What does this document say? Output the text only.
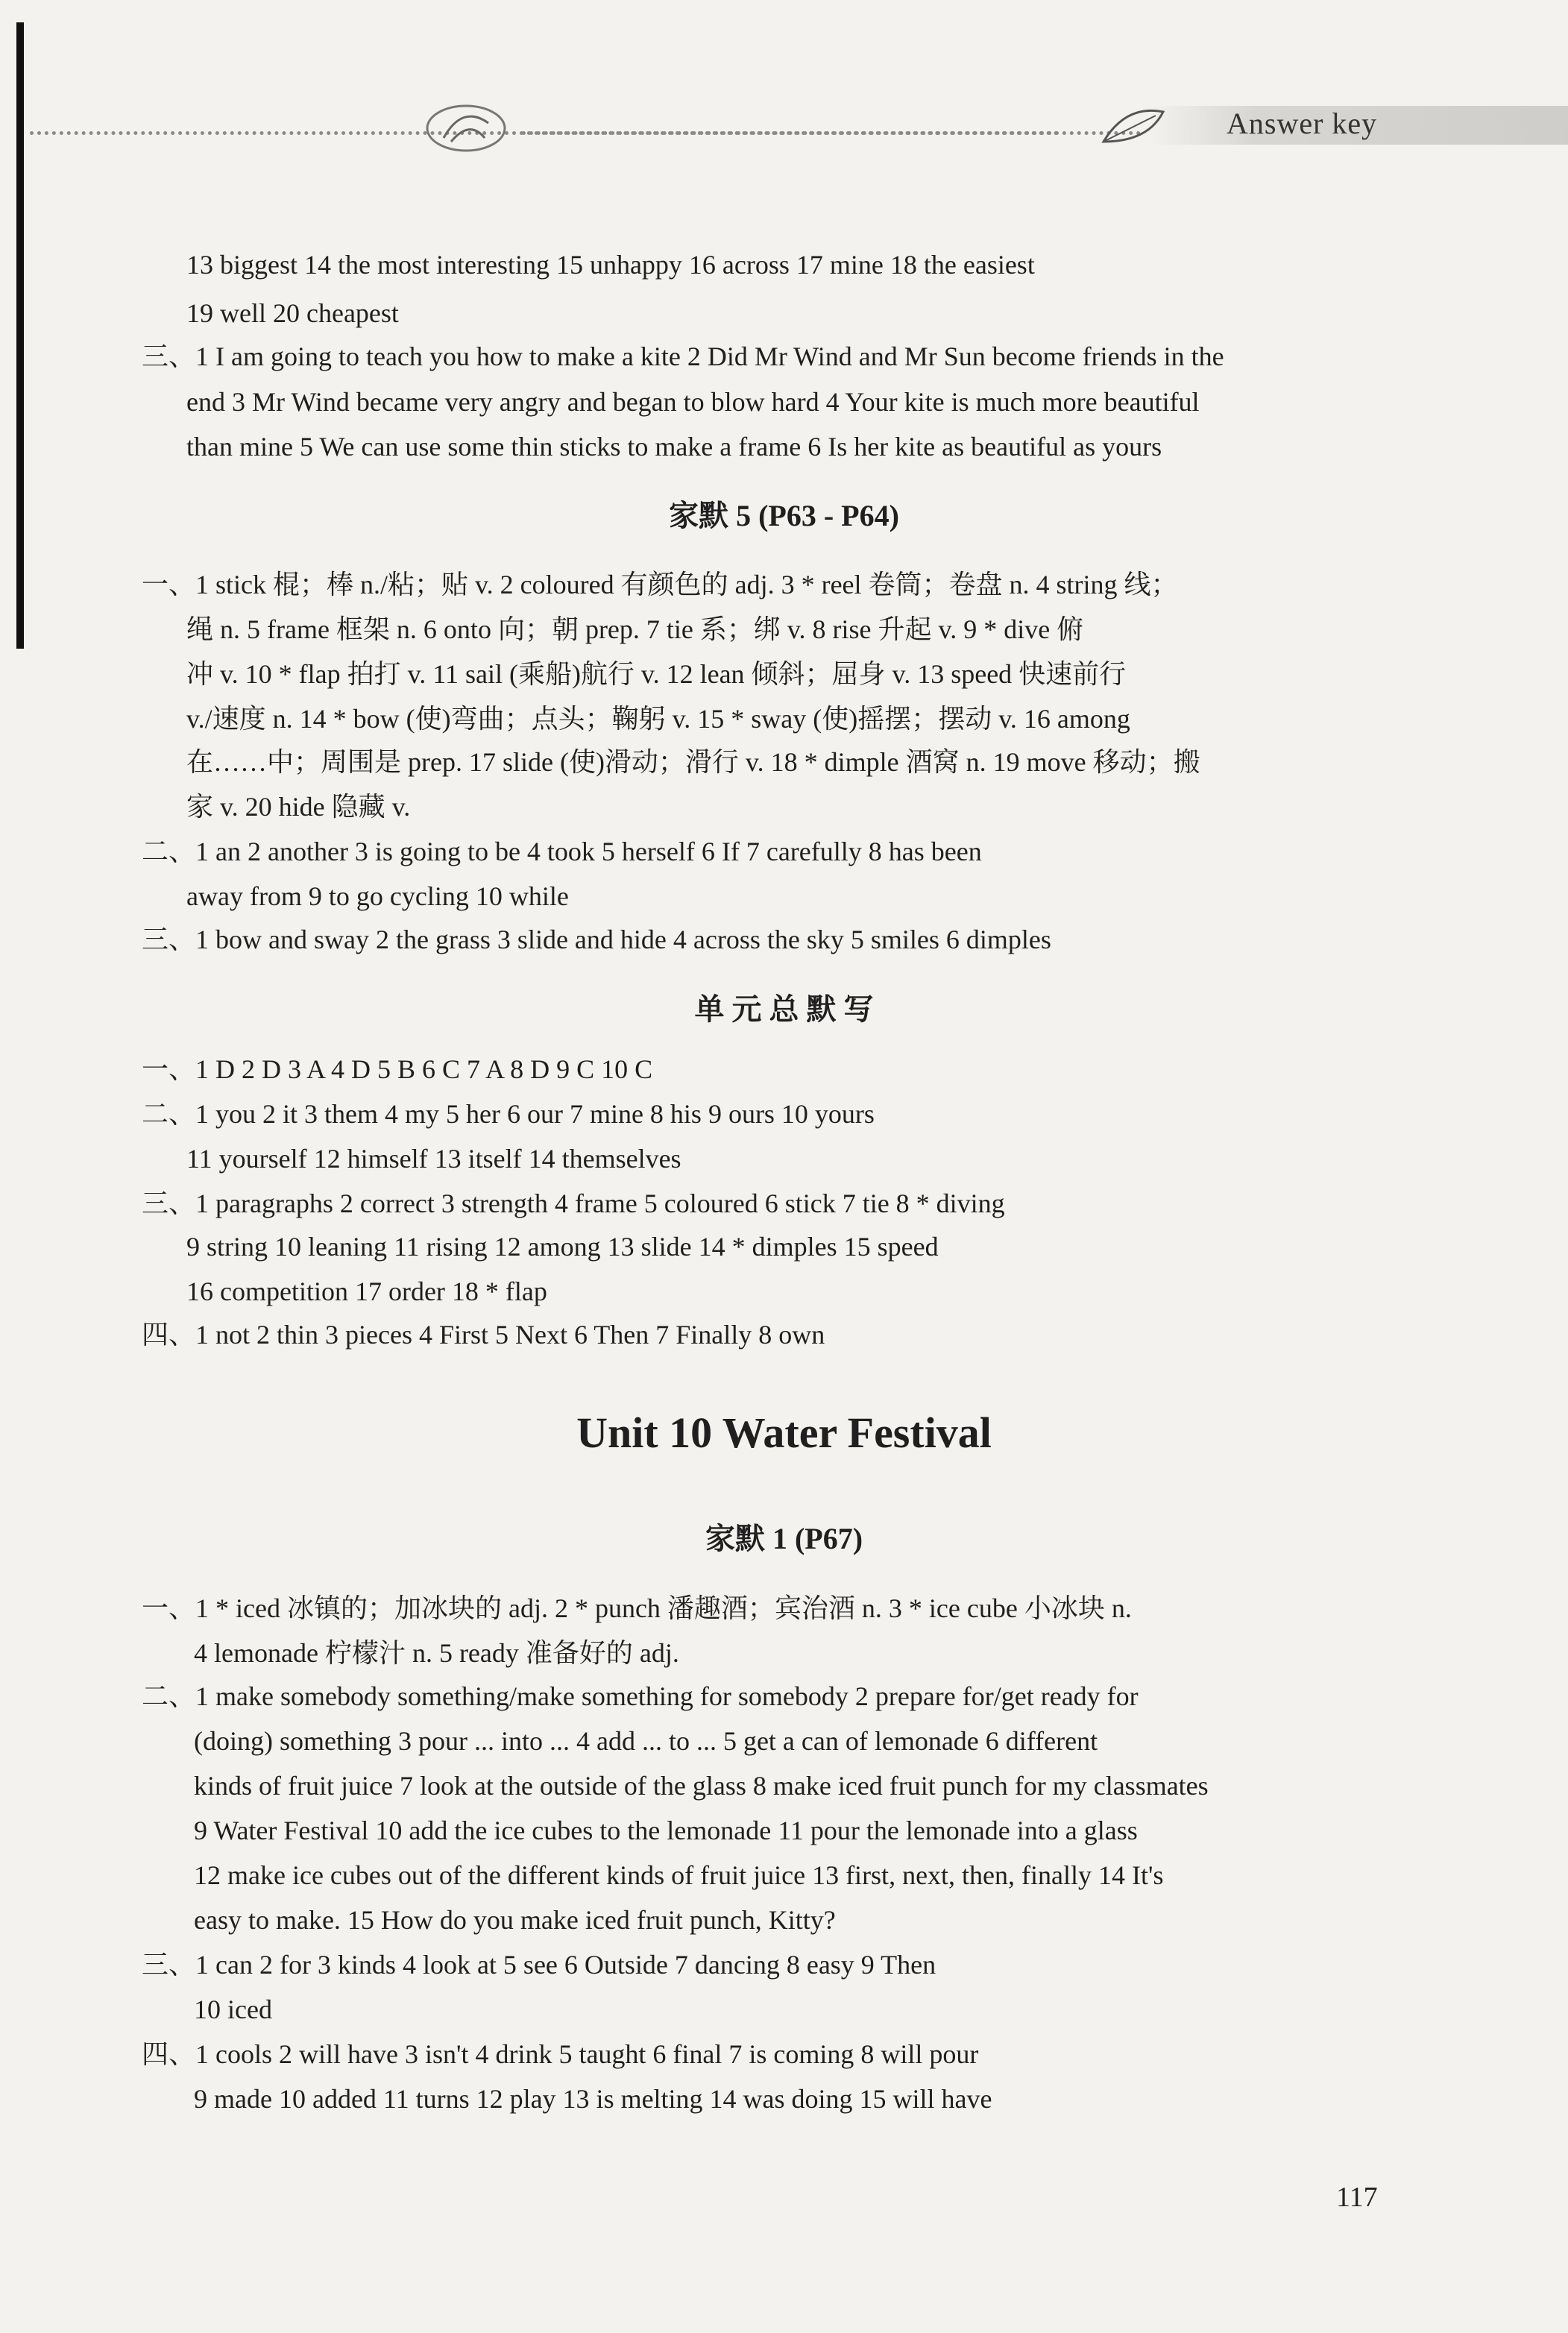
Answer key
13 biggest 14 the most interesting 15 unhappy 16 across 17 mine 18 the easiest
19 well 20 cheapest
三、1 I am going to teach you how to make a kite 2 Did Mr Wind and Mr Sun become friends in the
end 3 Mr Wind became very angry and began to blow hard 4 Your kite is much more beautiful
than mine 5 We can use some thin sticks to make a frame 6 Is her kite as beautiful as yours
家默 5 (P63 - P64)
一、1 stick 棍；棒 n./粘；贴 v. 2 coloured 有颜色的 adj. 3 * reel 卷筒；卷盘 n. 4 string 线；
绳 n. 5 frame 框架 n. 6 onto 向；朝 prep. 7 tie 系；绑 v. 8 rise 升起 v. 9 * dive 俯
冲 v. 10 * flap 拍打 v. 11 sail (乘船)航行 v. 12 lean 倾斜；屈身 v. 13 speed 快速前行
v./速度 n. 14 * bow (使)弯曲；点头；鞠躬 v. 15 * sway (使)摇摆；摆动 v. 16 among
在……中；周围是 prep. 17 slide (使)滑动；滑行 v. 18 * dimple 酒窝 n. 19 move 移动；搬
家 v. 20 hide 隐藏 v.
二、1 an 2 another 3 is going to be 4 took 5 herself 6 If 7 carefully 8 has been
away from 9 to go cycling 10 while
三、1 bow and sway 2 the grass 3 slide and hide 4 across the sky 5 smiles 6 dimples
单 元 总 默 写
一、1 D 2 D 3 A 4 D 5 B 6 C 7 A 8 D 9 C 10 C
二、1 you 2 it 3 them 4 my 5 her 6 our 7 mine 8 his 9 ours 10 yours
11 yourself 12 himself 13 itself 14 themselves
三、1 paragraphs 2 correct 3 strength 4 frame 5 coloured 6 stick 7 tie 8 * diving
9 string 10 leaning 11 rising 12 among 13 slide 14 * dimples 15 speed
16 competition 17 order 18 * flap
四、1 not 2 thin 3 pieces 4 First 5 Next 6 Then 7 Finally 8 own
Unit 10 Water Festival
家默 1 (P67)
一、1 * iced 冰镇的；加冰块的 adj. 2 * punch 潘趣酒；宾治酒 n. 3 * ice cube 小冰块 n.
4 lemonade 柠檬汁 n. 5 ready 准备好的 adj.
二、1 make somebody something/make something for somebody 2 prepare for/get ready for
(doing) something 3 pour ... into ... 4 add ... to ... 5 get a can of lemonade 6 different
kinds of fruit juice 7 look at the outside of the glass 8 make iced fruit punch for my classmates
9 Water Festival 10 add the ice cubes to the lemonade 11 pour the lemonade into a glass
12 make ice cubes out of the different kinds of fruit juice 13 first, next, then, finally 14 It's
easy to make. 15 How do you make iced fruit punch, Kitty?
三、1 can 2 for 3 kinds 4 look at 5 see 6 Outside 7 dancing 8 easy 9 Then
10 iced
四、1 cools 2 will have 3 isn't 4 drink 5 taught 6 final 7 is coming 8 will pour
9 made 10 added 11 turns 12 play 13 is melting 14 was doing 15 will have
117
